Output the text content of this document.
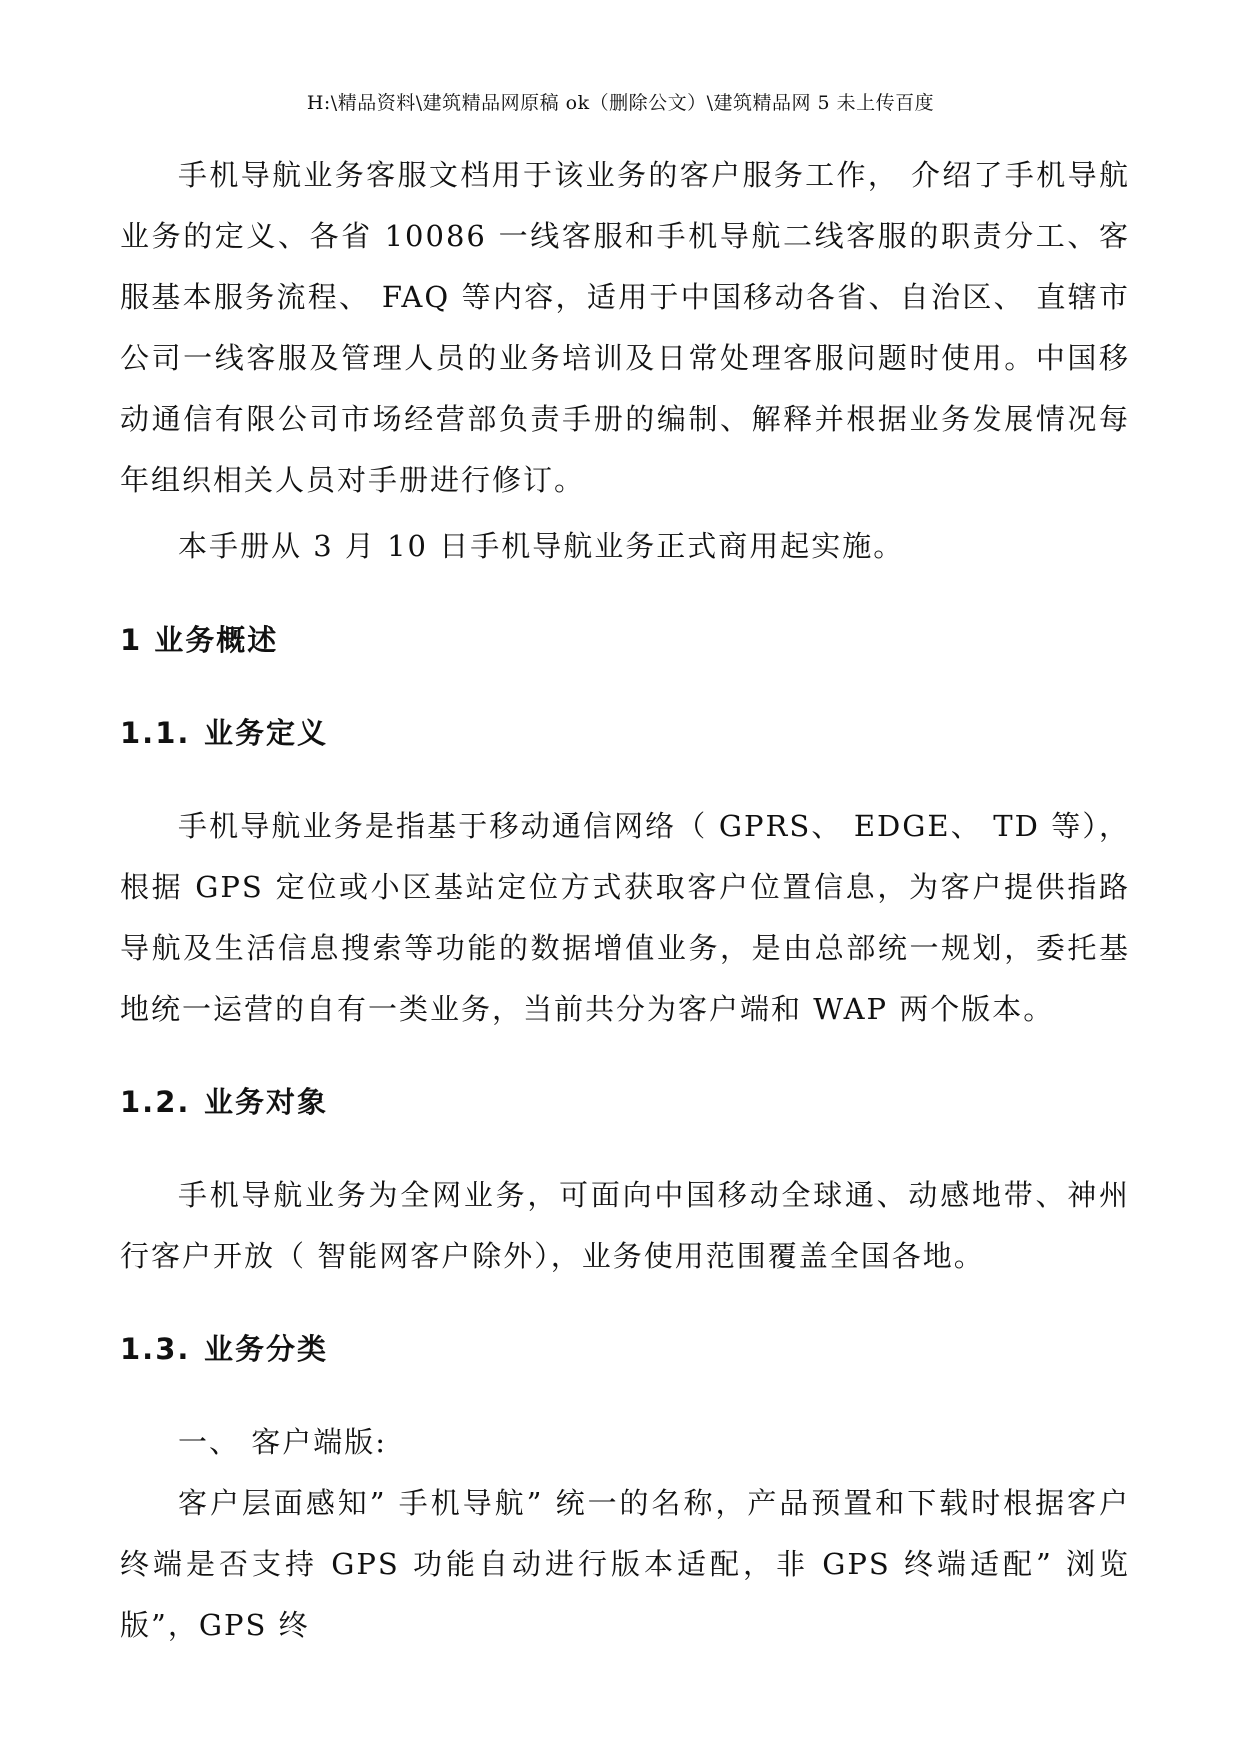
H:\精品资料\建筑精品网原稿 ok（删除公文）\建筑精品网 5 未上传百度

手机导航业务客服文档用于该业务的客户服务工作， 介绍了手机导航业务的定义、各省 10086 一线客服和手机导航二线客服的职责分工、客服基本服务流程、 FAQ 等内容，适用于中国移动各省、自治区、 直辖市公司一线客服及管理人员的业务培训及日常处理客服问题时使用。中国移动通信有限公司市场经营部负责手册的编制、解释并根据业务发展情况每年组织相关人员对手册进行修订。

本手册从 3 月 10 日手机导航业务正式商用起实施。

1 业务概述

1.1. 业务定义

手机导航业务是指基于移动通信网络（ GPRS、 EDGE、 TD 等），根据 GPS 定位或小区基站定位方式获取客户位置信息，为客户提供指路导航及生活信息搜索等功能的数据增值业务，是由总部统一规划，委托基地统一运营的自有一类业务，当前共分为客户端和 WAP 两个版本。

1.2. 业务对象

手机导航业务为全网业务，可面向中国移动全球通、动感地带、神州行客户开放（ 智能网客户除外），业务使用范围覆盖全国各地。

1.3. 业务分类

一、 客户端版:

客户层面感知” 手机导航” 统一的名称，产品预置和下载时根据客户终端是否支持 GPS 功能自动进行版本适配，非 GPS 终端适配” 浏览版”，GPS 终
